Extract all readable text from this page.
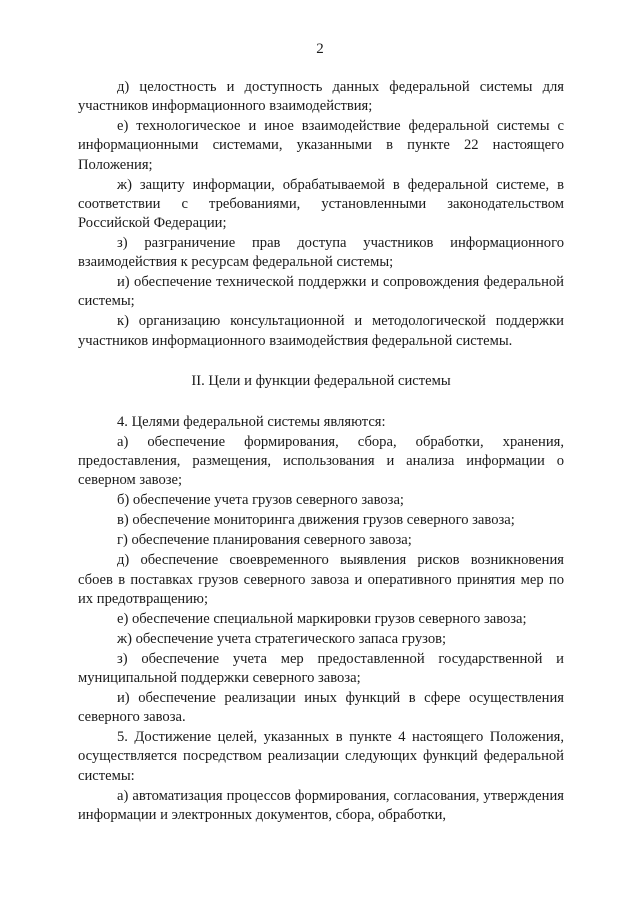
2

д) целостность и доступность данных федеральной системы для участников информационного взаимодействия;

е) технологическое и иное взаимодействие федеральной системы с информационными системами, указанными в пункте 22 настоящего Положения;

ж) защиту информации, обрабатываемой в федеральной системе, в соответствии с требованиями, установленными законодательством Российской Федерации;

з) разграничение прав доступа участников информационного взаимодействия к ресурсам федеральной системы;

и) обеспечение технической поддержки и сопровождения федеральной системы;

к) организацию консультационной и методологической поддержки участников информационного взаимодействия федеральной системы.

II. Цели и функции федеральной системы

4. Целями федеральной системы являются:

а) обеспечение формирования, сбора, обработки, хранения, предоставления, размещения, использования и анализа информации о северном завозе;

б) обеспечение учета грузов северного завоза;

в) обеспечение мониторинга движения грузов северного завоза;

г) обеспечение планирования северного завоза;

д) обеспечение своевременного выявления рисков возникновения сбоев в поставках грузов северного завоза и оперативного принятия мер по их предотвращению;

е) обеспечение специальной маркировки грузов северного завоза;

ж) обеспечение учета стратегического запаса грузов;

з) обеспечение учета мер предоставленной государственной и муниципальной поддержки северного завоза;

и) обеспечение реализации иных функций в сфере осуществления северного завоза.

5. Достижение целей, указанных в пункте 4 настоящего Положения, осуществляется посредством реализации следующих функций федеральной системы:

а) автоматизация процессов формирования, согласования, утверждения информации и электронных документов, сбора, обработки,
